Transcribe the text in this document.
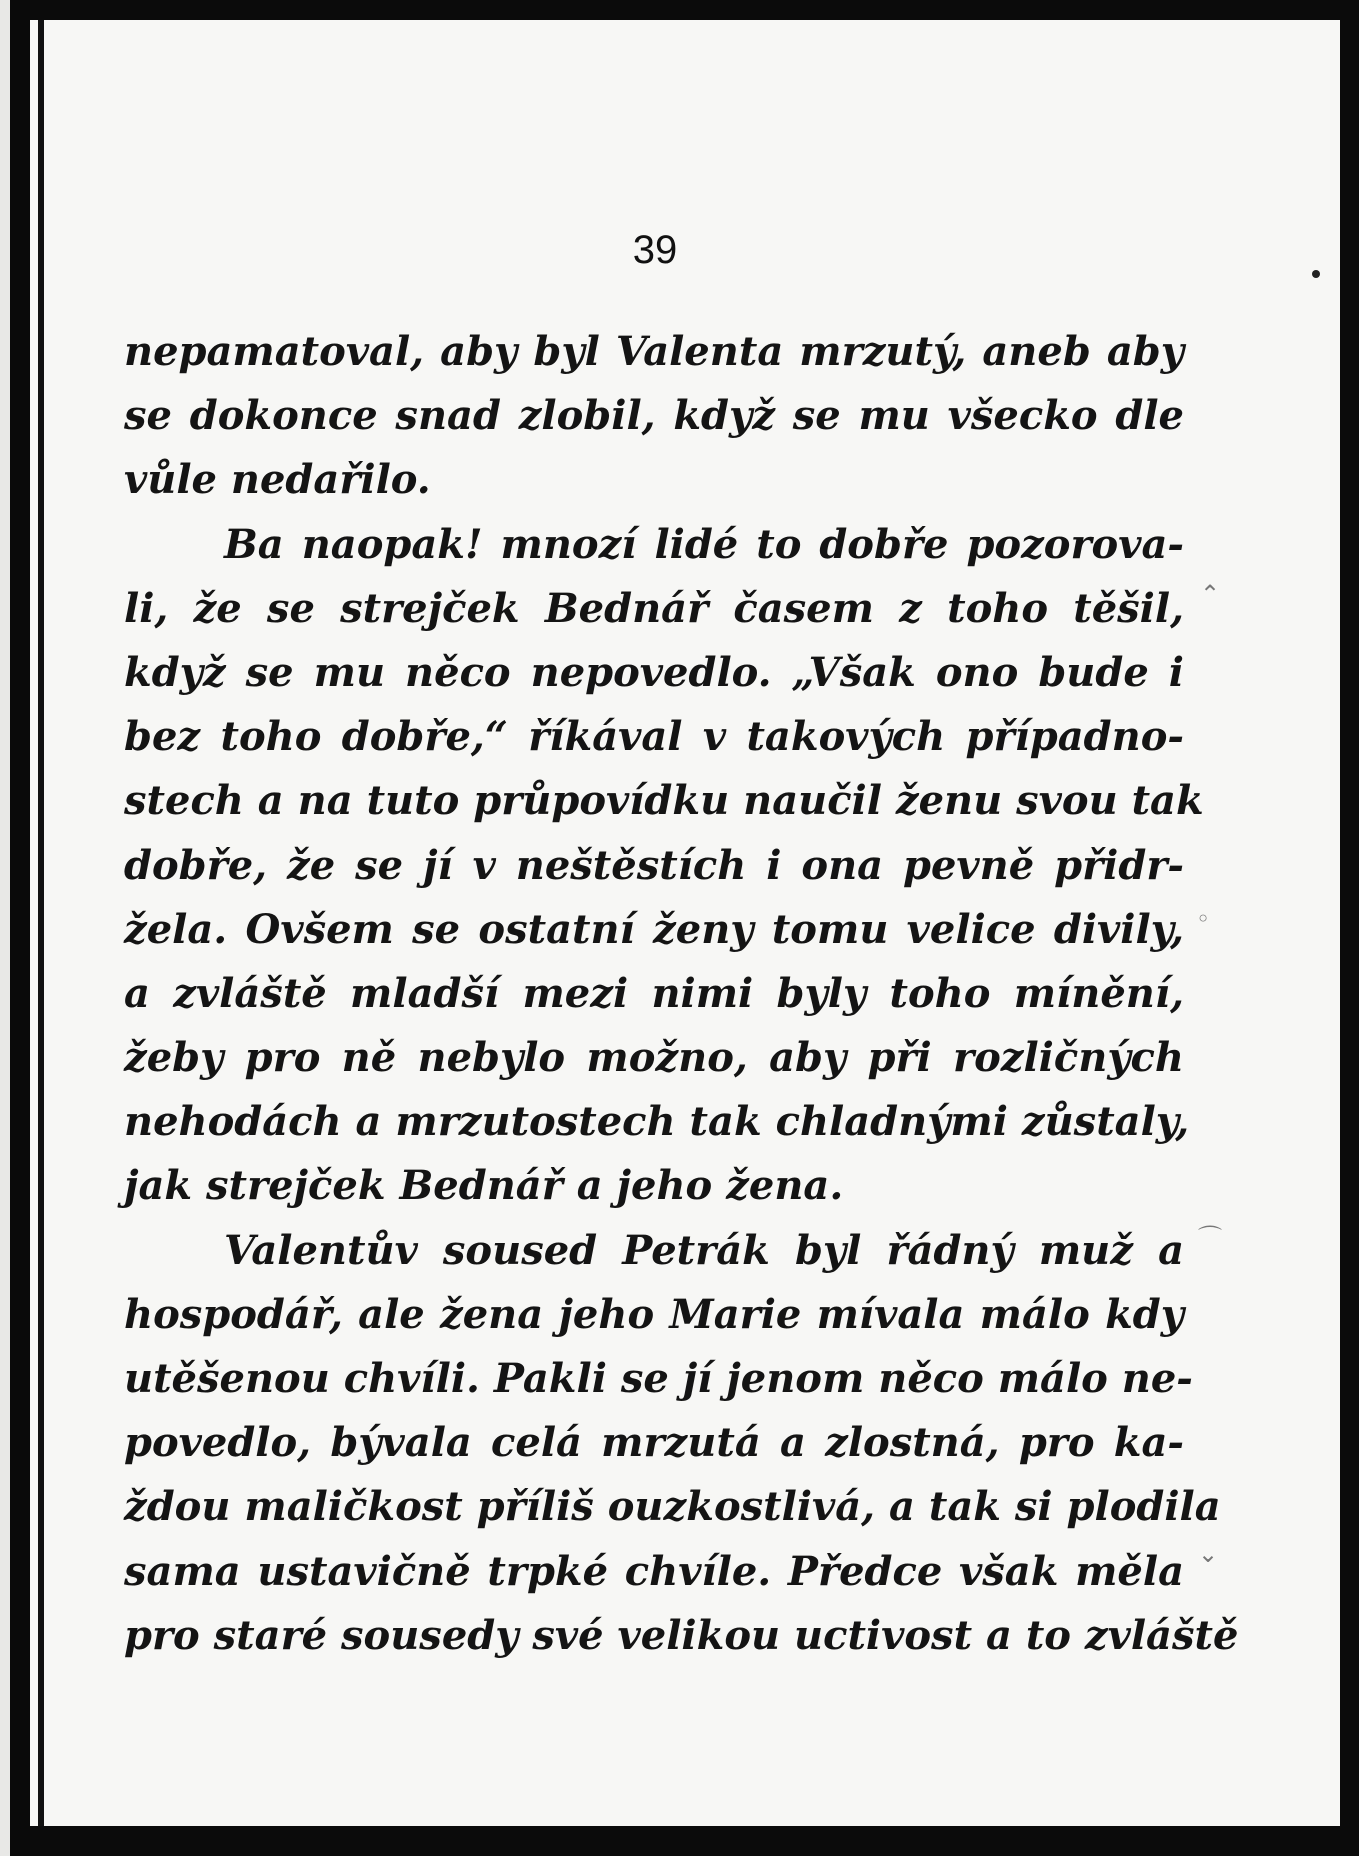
39
nepamatoval, aby byl Valenta mrzutý, aneb aby
se dokonce snad zlobil, když se mu všecko dle
vůle nedařilo.
Ba naopak! mnozí lidé to dobře pozorova-
li, že se strejček Bednář časem z toho těšil,
když se mu něco nepovedlo. „Však ono bude i
bez toho dobře,“ říkával v takových případno-
stech a na tuto průpovídku naučil ženu svou tak
dobře, že se jí v neštěstích i ona pevně přidr-
žela. Ovšem se ostatní ženy tomu velice divily,
a zvláště mladší mezi nimi byly toho mínění,
žeby pro ně nebylo možno, aby při rozličných
nehodách a mrzutostech tak chladnými zůstaly,
jak strejček Bednář a jeho žena.
Valentův soused Petrák byl řádný muž a
hospodář, ale žena jeho Marie mívala málo kdy
utěšenou chvíli. Pakli se jí jenom něco málo ne-
povedlo, bývala celá mrzutá a zlostná, pro ka-
ždou maličkost příliš ouzkostlivá, a tak si plodila
sama ustavičně trpké chvíle. Předce však měla
pro staré sousedy své velikou uctivost a to zvláště
⌃
◦
⌒
⌄
